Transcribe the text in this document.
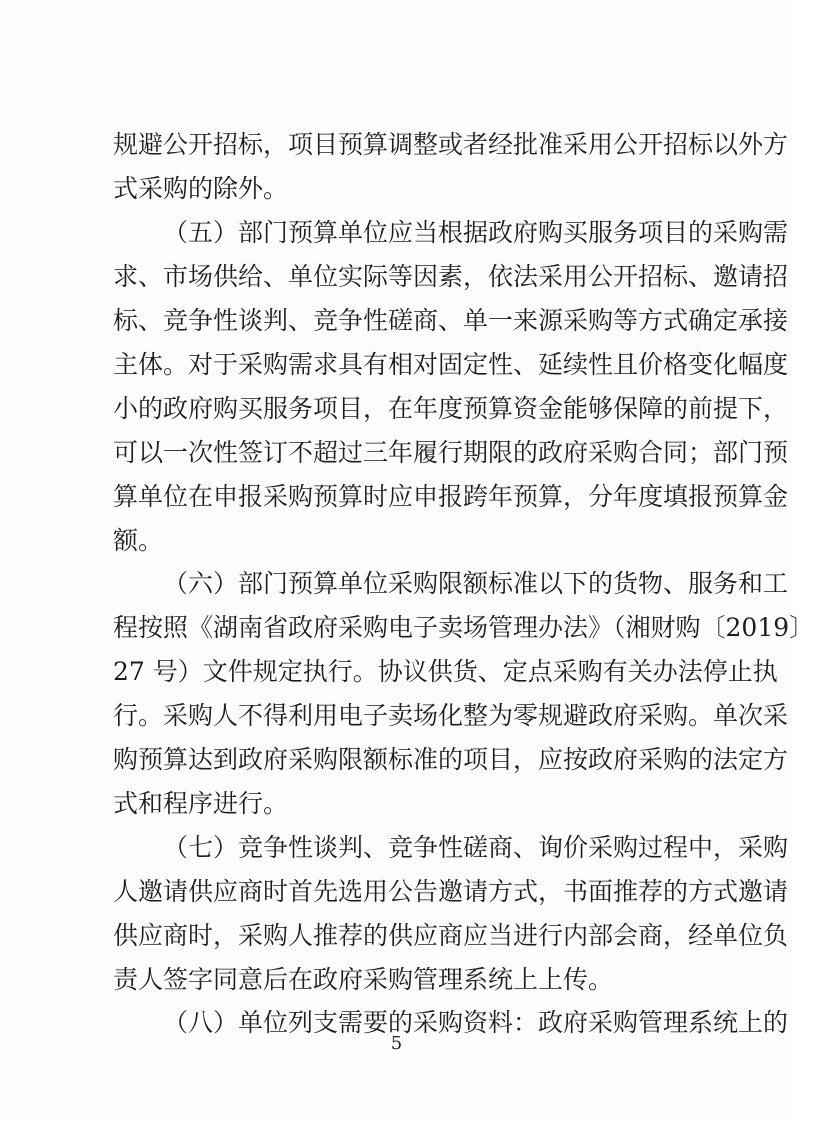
规避公开招标，项目预算调整或者经批准采用公开招标以外方
式采购的除外。
（五）部门预算单位应当根据政府购买服务项目的采购需
求、市场供给、单位实际等因素，依法采用公开招标、邀请招
标、竞争性谈判、竞争性磋商、单一来源采购等方式确定承接
主体。对于采购需求具有相对固定性、延续性且价格变化幅度
小的政府购买服务项目，在年度预算资金能够保障的前提下，
可以一次性签订不超过三年履行期限的政府采购合同；部门预
算单位在申报采购预算时应申报跨年预算，分年度填报预算金
额。
（六）部门预算单位采购限额标准以下的货物、服务和工
程按照《湖南省政府采购电子卖场管理办法》（湘财购〔2019〕
27 号）文件规定执行。协议供货、定点采购有关办法停止执
行。采购人不得利用电子卖场化整为零规避政府采购。单次采
购预算达到政府采购限额标准的项目，应按政府采购的法定方
式和程序进行。
（七）竞争性谈判、竞争性磋商、询价采购过程中，采购
人邀请供应商时首先选用公告邀请方式，书面推荐的方式邀请
供应商时，采购人推荐的供应商应当进行内部会商，经单位负
责人签字同意后在政府采购管理系统上上传。
（八）单位列支需要的采购资料：政府采购管理系统上的
5
